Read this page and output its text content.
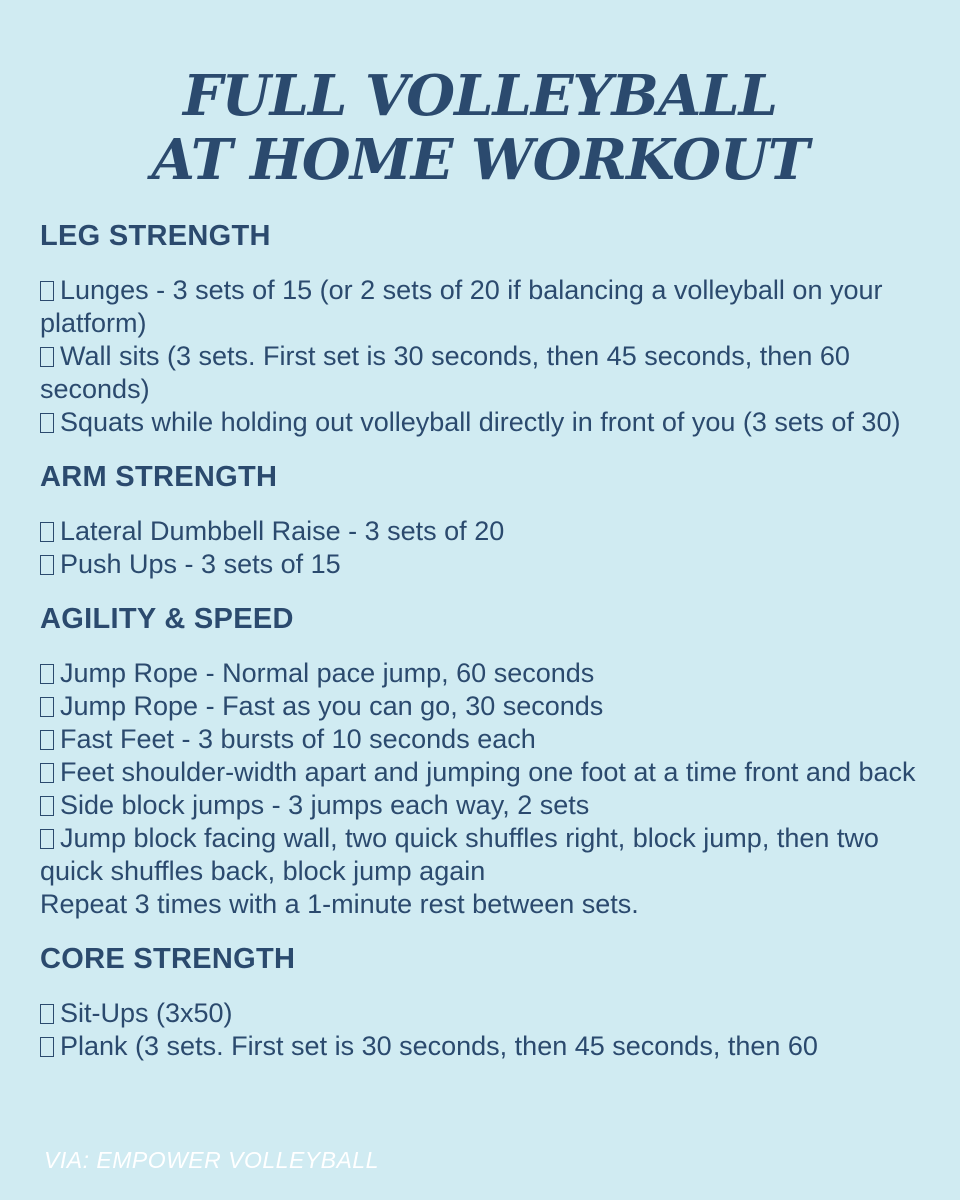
FULL VOLLEYBALL
AT HOME WORKOUT
LEG STRENGTH
Lunges - 3 sets of 15 (or 2 sets of 20 if balancing a volleyball on your platform)
Wall sits (3 sets. First set is 30 seconds, then 45 seconds, then 60 seconds)
Squats while holding out volleyball directly in front of you (3 sets of 30)
ARM STRENGTH
Lateral Dumbbell Raise - 3 sets of 20
Push Ups - 3 sets of 15
AGILITY & SPEED
Jump Rope - Normal pace jump, 60 seconds
Jump Rope - Fast as you can go, 30 seconds
Fast Feet - 3 bursts of 10 seconds each
Feet shoulder-width apart and jumping one foot at a time front and back
Side block jumps - 3 jumps each way, 2 sets
Jump block facing wall, two quick shuffles right, block jump, then two quick shuffles back, block jump again
Repeat 3 times with a 1-minute rest between sets.
CORE STRENGTH
Sit-Ups (3x50)
Plank (3 sets. First set is 30 seconds, then 45 seconds, then 60
VIA: EMPOWER VOLLEYBALL
